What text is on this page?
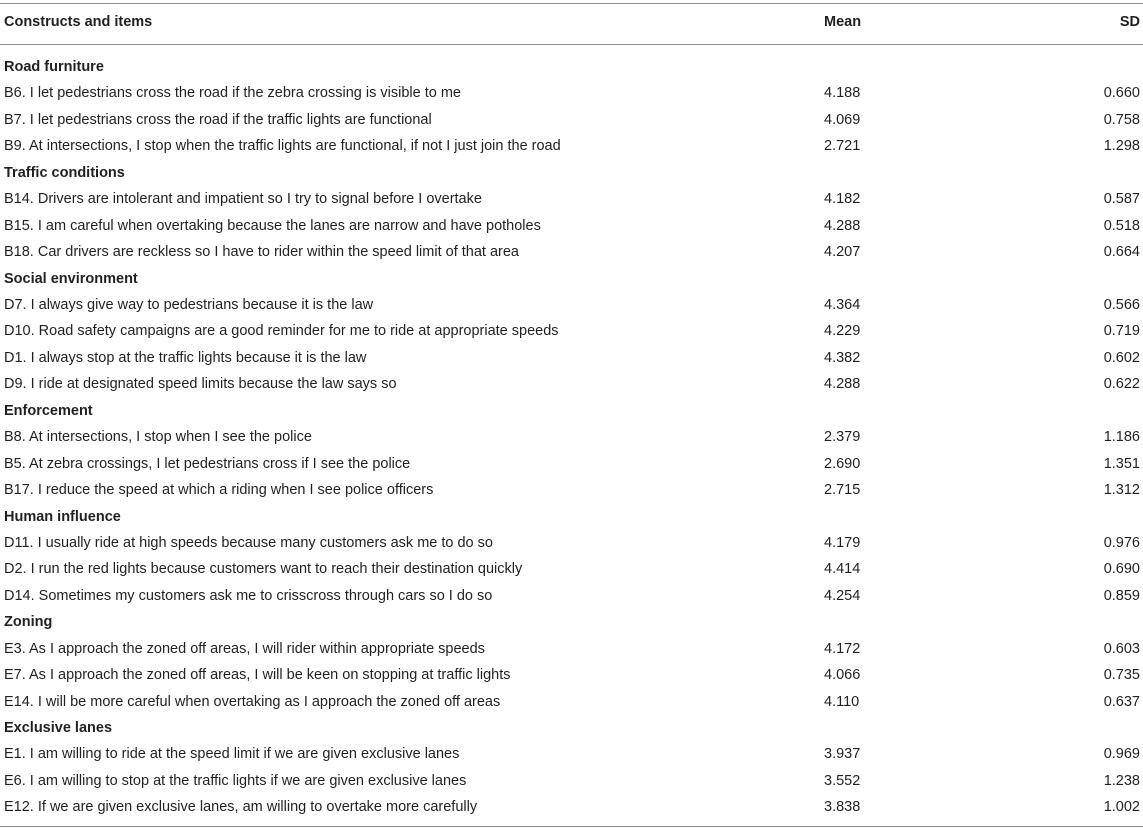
Constructs and items	Mean	SD
Road furniture
B6. I let pedestrians cross the road if the zebra crossing is visible to me	4.188	0.660
B7. I let pedestrians cross the road if the traffic lights are functional	4.069	0.758
B9. At intersections, I stop when the traffic lights are functional, if not I just join the road	2.721	1.298
Traffic conditions
B14. Drivers are intolerant and impatient so I try to signal before I overtake	4.182	0.587
B15. I am careful when overtaking because the lanes are narrow and have potholes	4.288	0.518
B18. Car drivers are reckless so I have to rider within the speed limit of that area	4.207	0.664
Social environment
D7. I always give way to pedestrians because it is the law	4.364	0.566
D10. Road safety campaigns are a good reminder for me to ride at appropriate speeds	4.229	0.719
D1. I always stop at the traffic lights because it is the law	4.382	0.602
D9. I ride at designated speed limits because the law says so	4.288	0.622
Enforcement
B8. At intersections, I stop when I see the police	2.379	1.186
B5. At zebra crossings, I let pedestrians cross if I see the police	2.690	1.351
B17. I reduce the speed at which a riding when I see police officers	2.715	1.312
Human influence
D11. I usually ride at high speeds because many customers ask me to do so	4.179	0.976
D2. I run the red lights because customers want to reach their destination quickly	4.414	0.690
D14. Sometimes my customers ask me to crisscross through cars so I do so	4.254	0.859
Zoning
E3. As I approach the zoned off areas, I will rider within appropriate speeds	4.172	0.603
E7. As I approach the zoned off areas, I will be keen on stopping at traffic lights	4.066	0.735
E14. I will be more careful when overtaking as I approach the zoned off areas	4.110	0.637
Exclusive lanes
E1. I am willing to ride at the speed limit if we are given exclusive lanes	3.937	0.969
E6. I am willing to stop at the traffic lights if we are given exclusive lanes	3.552	1.238
E12. If we are given exclusive lanes, am willing to overtake more carefully	3.838	1.002
